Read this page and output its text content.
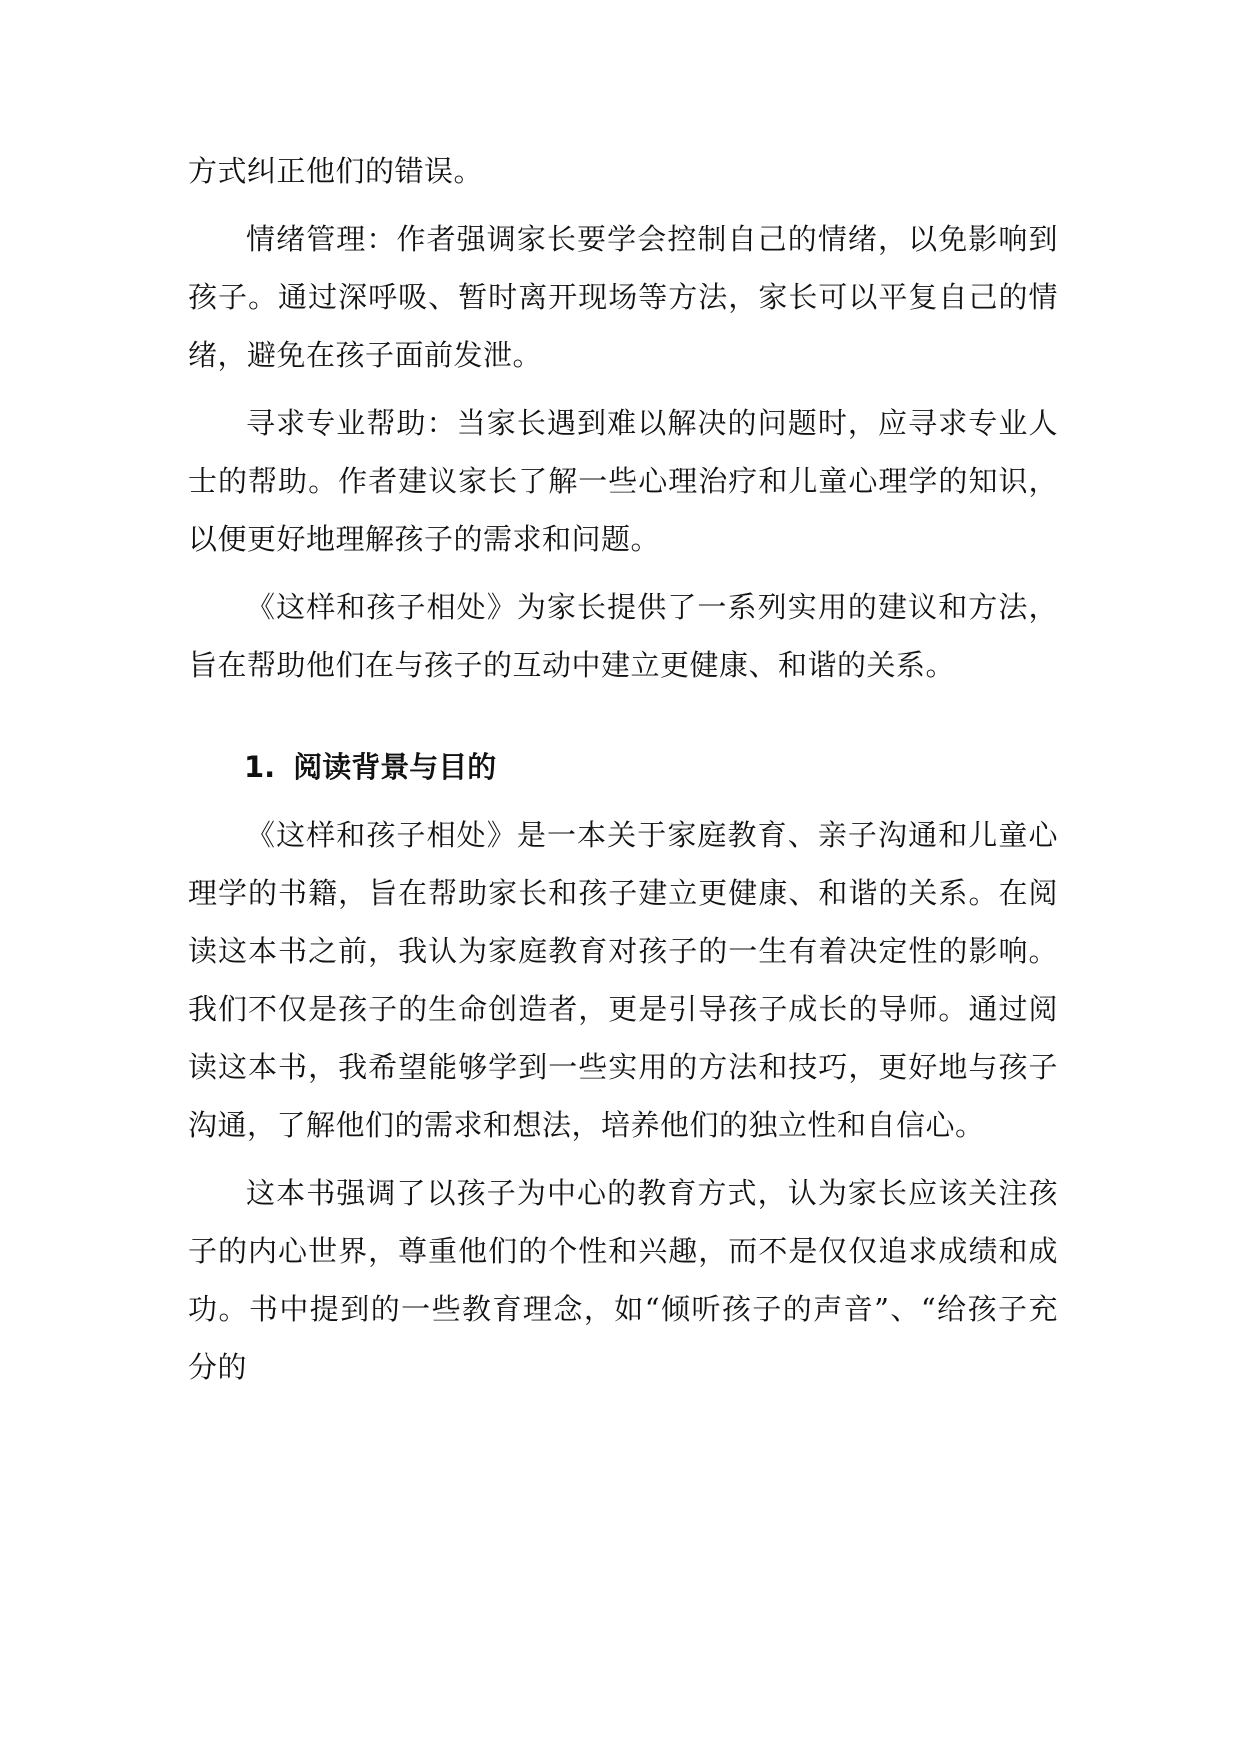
方式纠正他们的错误。

情绪管理：作者强调家长要学会控制自己的情绪，以免影响到孩子。通过深呼吸、暂时离开现场等方法，家长可以平复自己的情绪，避免在孩子面前发泄。

寻求专业帮助：当家长遇到难以解决的问题时，应寻求专业人士的帮助。作者建议家长了解一些心理治疗和儿童心理学的知识，以便更好地理解孩子的需求和问题。

《这样和孩子相处》为家长提供了一系列实用的建议和方法，旨在帮助他们在与孩子的互动中建立更健康、和谐的关系。

1. 阅读背景与目的

《这样和孩子相处》是一本关于家庭教育、亲子沟通和儿童心理学的书籍，旨在帮助家长和孩子建立更健康、和谐的关系。在阅读这本书之前，我认为家庭教育对孩子的一生有着决定性的影响。我们不仅是孩子的生命创造者，更是引导孩子成长的导师。通过阅读这本书，我希望能够学到一些实用的方法和技巧，更好地与孩子沟通，了解他们的需求和想法，培养他们的独立性和自信心。

这本书强调了以孩子为中心的教育方式，认为家长应该关注孩子的内心世界，尊重他们的个性和兴趣，而不是仅仅追求成绩和成功。书中提到的一些教育理念，如“倾听孩子的声音”、“给孩子充分的
